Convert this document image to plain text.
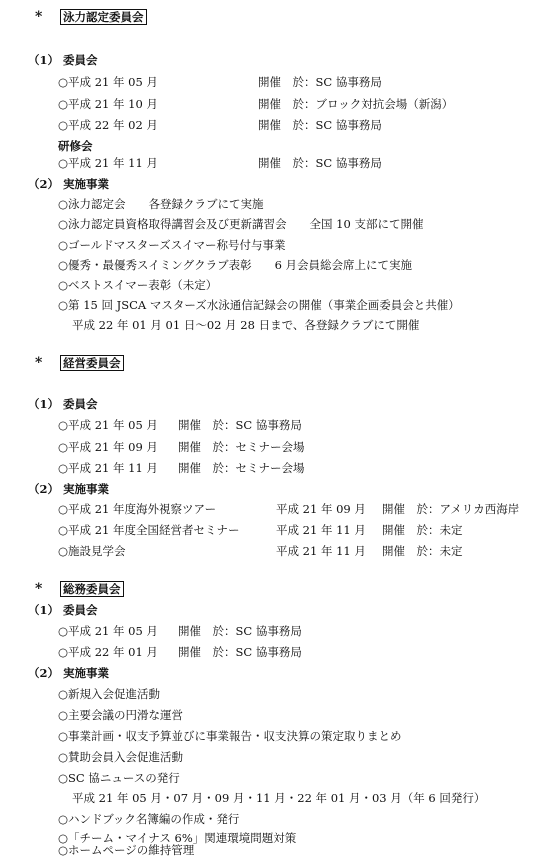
* 泳力認定委員会
（1） 委員会
○平成 21 年 05 月	開催　於：SC 協事務局
○平成 21 年 10 月	開催　於：ブロック対抗会場（新潟）
○平成 22 年 02 月	開催　於：SC 協事務局
研修会
○平成 21 年 11 月	開催　於：SC 協事務局
（2） 実施事業
○泳力認定会　　各登録クラブにて実施
○泳力認定員資格取得講習会及び更新講習会　　全国 10 支部にて開催
○ゴールドマスターズスイマー称号付与事業
○優秀・最優秀スイミングクラブ表彰　　6 月会員総会席上にて実施
○ベストスイマー表彰（未定）
○第 15 回 JSCA マスターズ水泳通信記録会の開催（事業企画委員会と共催）
平成 22 年 01 月 01 日〜02 月 28 日まで、各登録クラブにて開催
* 経営委員会
（1） 委員会
○平成 21 年 05 月 開催　於：SC 協事務局
○平成 21 年 09 月 開催　於：セミナー会場
○平成 21 年 11 月 開催　於：セミナー会場
（2） 実施事業
○平成 21 年度海外視察ツアー	平成 21 年 09 月 開催　於：アメリカ西海岸
○平成 21 年度全国経営者セミナー	平成 21 年 11 月 開催　於：未定
○施設見学会	平成 21 年 11 月 開催　於：未定
* 総務委員会
（1） 委員会
○平成 21 年 05 月 開催　於：SC 協事務局
○平成 22 年 01 月 開催　於：SC 協事務局
（2） 実施事業
○新規入会促進活動
○主要会議の円滑な運営
○事業計画・収支予算並びに事業報告・収支決算の策定取りまとめ
○賛助会員入会促進活動
○SC 協ニュースの発行
平成 21 年 05 月・07 月・09 月・11 月・22 年 01 月・03 月（年 6 回発行）
○ハンドブック名簿編の作成・発行
○「チーム・マイナス 6%」関連環境問題対策
○ホームページの維持管理
